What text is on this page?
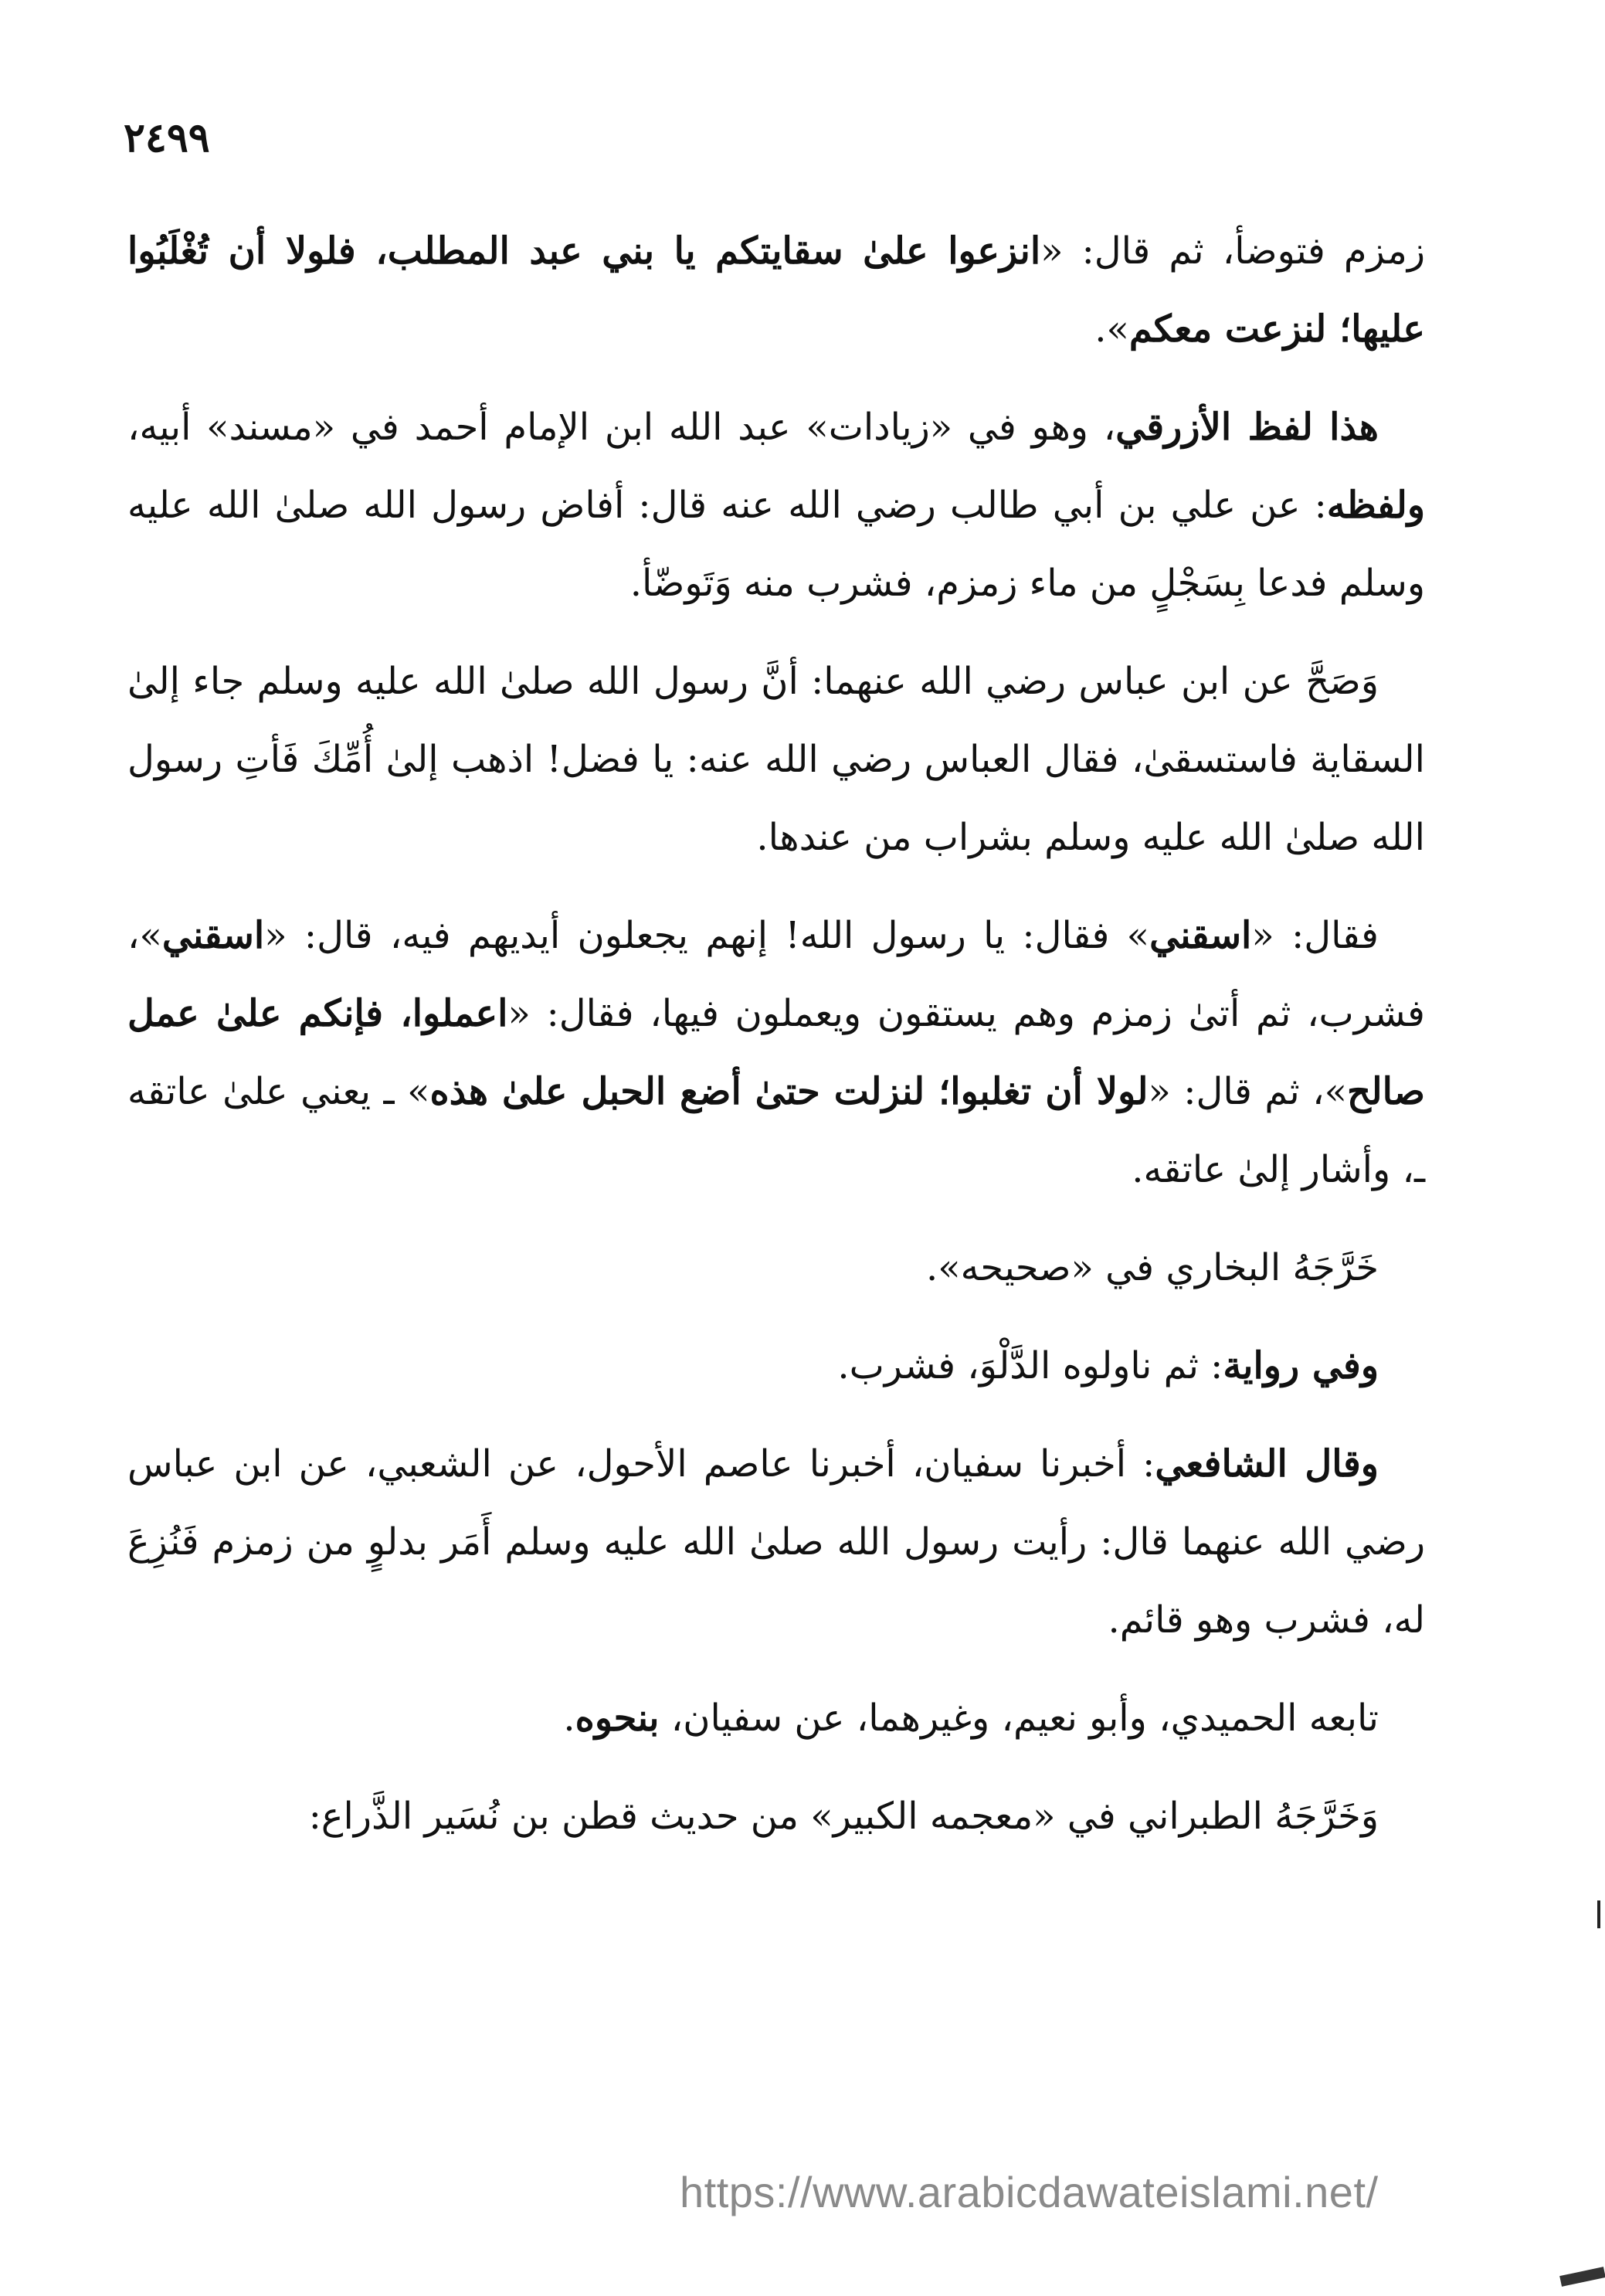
٢٤٩٩

زمزم فتوضأ، ثم قال: «انزعوا علىٰ سقايتكم يا بني عبد المطلب، فلولا أن تُغْلَبُوا عليها؛ لنزعت معكم».

هذا لفظ الأزرقي، وهو في «زيادات» عبد الله ابن الإمام أحمد في «مسند» أبيه، ولفظه: عن علي بن أبي طالب رضي الله عنه قال: أفاض رسول الله صلىٰ الله عليه وسلم فدعا بِسَجْلٍ من ماء زمزم، فشرب منه وَتَوضّأ.

وَصَحَّ عن ابن عباس رضي الله عنهما: أنَّ رسول الله صلىٰ الله عليه وسلم جاء إلىٰ السقاية فاستسقىٰ، فقال العباس رضي الله عنه: يا فضل! اذهب إلىٰ أُمِّكَ فَأتِ رسول الله صلىٰ الله عليه وسلم بشراب من عندها.

فقال: «اسقني» فقال: يا رسول الله! إنهم يجعلون أيديهم فيه، قال: «اسقني»، فشرب، ثم أتىٰ زمزم وهم يستقون ويعملون فيها، فقال: «اعملوا، فإنكم علىٰ عمل صالح»، ثم قال: «لولا أن تغلبوا؛ لنزلت حتىٰ أضع الحبل علىٰ هذه» ـ يعني علىٰ عاتقه ـ، وأشار إلىٰ عاتقه.

خَرَّجَهُ البخاري في «صحيحه».

وفي رواية: ثم ناولوه الدَّلْوَ، فشرب.

وقال الشافعي: أخبرنا سفيان، أخبرنا عاصم الأحول، عن الشعبي، عن ابن عباس رضي الله عنهما قال: رأيت رسول الله صلىٰ الله عليه وسلم أَمَر بدلوٍ من زمزم فَنُزِعَ له، فشرب وهو قائم.

تابعه الحميدي، وأبو نعيم، وغيرهما، عن سفيان، بنحوه.

وَخَرَّجَهُ الطبراني في «معجمه الكبير» من حديث قطن بن نُسَير الذَّراع:

https://www.arabicdawateislami.net/
